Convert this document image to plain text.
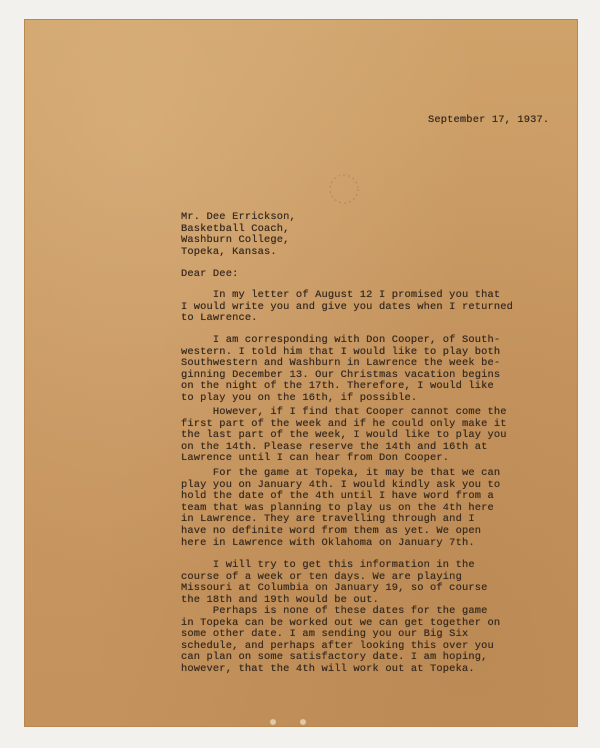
September 17, 1937.
Mr. Dee Errickson,
Basketball Coach,
Washburn College,
Topeka, Kansas.
Dear Dee:
In my letter of August 12 I promised you that
I would write you and give you dates when I returned
to Lawrence.
I am corresponding with Don Cooper, of South-
western. I told him that I would like to play both
Southwestern and Washburn in Lawrence the week be-
ginning December 13. Our Christmas vacation begins
on the night of the 17th. Therefore, I would like
to play you on the 16th, if possible.
However, if I find that Cooper cannot come the
first part of the week and if he could only make it
the last part of the week, I would like to play you
on the 14th. Please reserve the 14th and 16th at
Lawrence until I can hear from Don Cooper.
For the game at Topeka, it may be that we can
play you on January 4th. I would kindly ask you to
hold the date of the 4th until I have word from a
team that was planning to play us on the 4th here
in Lawrence. They are travelling through and I
have no definite word from them as yet. We open
here in Lawrence with Oklahoma on January 7th.
I will try to get this information in the
course of a week or ten days. We are playing
Missouri at Columbia on January 19, so of course
the 18th and 19th would be out.
Perhaps is none of these dates for the game
in Topeka can be worked out we can get together on
some other date. I am sending you our Big Six
schedule, and perhaps after looking this over you
can plan on some satisfactory date. I am hoping,
however, that the 4th will work out at Topeka.
